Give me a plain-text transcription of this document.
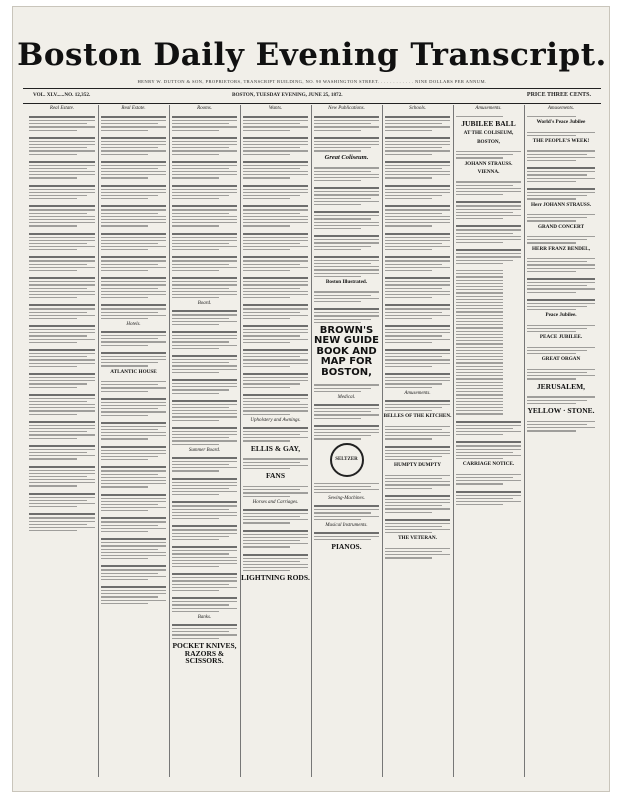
Boston Daily Evening Transcript.
HENRY W. DUTTON & SON, PROPRIETORS, TRANSCRIPT BUILDING, NO. 90 WASHINGTON STREET. . . . . . . . . . . . NINE DOLLARS PER ANNUM.
VOL. XLV......NO. 12,352.	BOSTON, TUESDAY EVENING, JUNE 25, 1872.	PRICE THREE CENTS.
Real Estate.	Real Estate.
Hotels.
ATLANTIC HOUSE
Rooms.
Board.
Summer Board.
Banks.
POCKET KNIVES, RAZORS & SCISSORS.
Wants.
Upholstery and Awnings.
ELLIS & GAY,
FANS
Horses and Carriages.
LIGHTNING RODS.
New Publications.
Great Coliseum.
Boston Illustrated.
BROWN'S NEW GUIDE BOOK AND MAP FOR BOSTON,
Medical.
SELTZER
Sewing-Machines.
Musical Instruments.
PIANOS.
Schools.
Amusements.
BELLES OF THE KITCHEN.
HUMPTY DUMPTY
THE VETERAN.
Amusements.
JUBILEE BALL
AT THE COLISEUM,
BOSTON,
JOHANN STRAUSS.
VIENNA.
CARRIAGE NOTICE.
Amusements.
World's Peace Jubilee
THE PEOPLE'S WEEK!
Herr JOHANN STRAUSS.
GRAND CONCERT
HERR FRANZ BENDEL,
Peace Jubilee.
PEACE JUBILEE.
GREAT ORGAN
JERUSALEM,
YELLOW · STONE.
